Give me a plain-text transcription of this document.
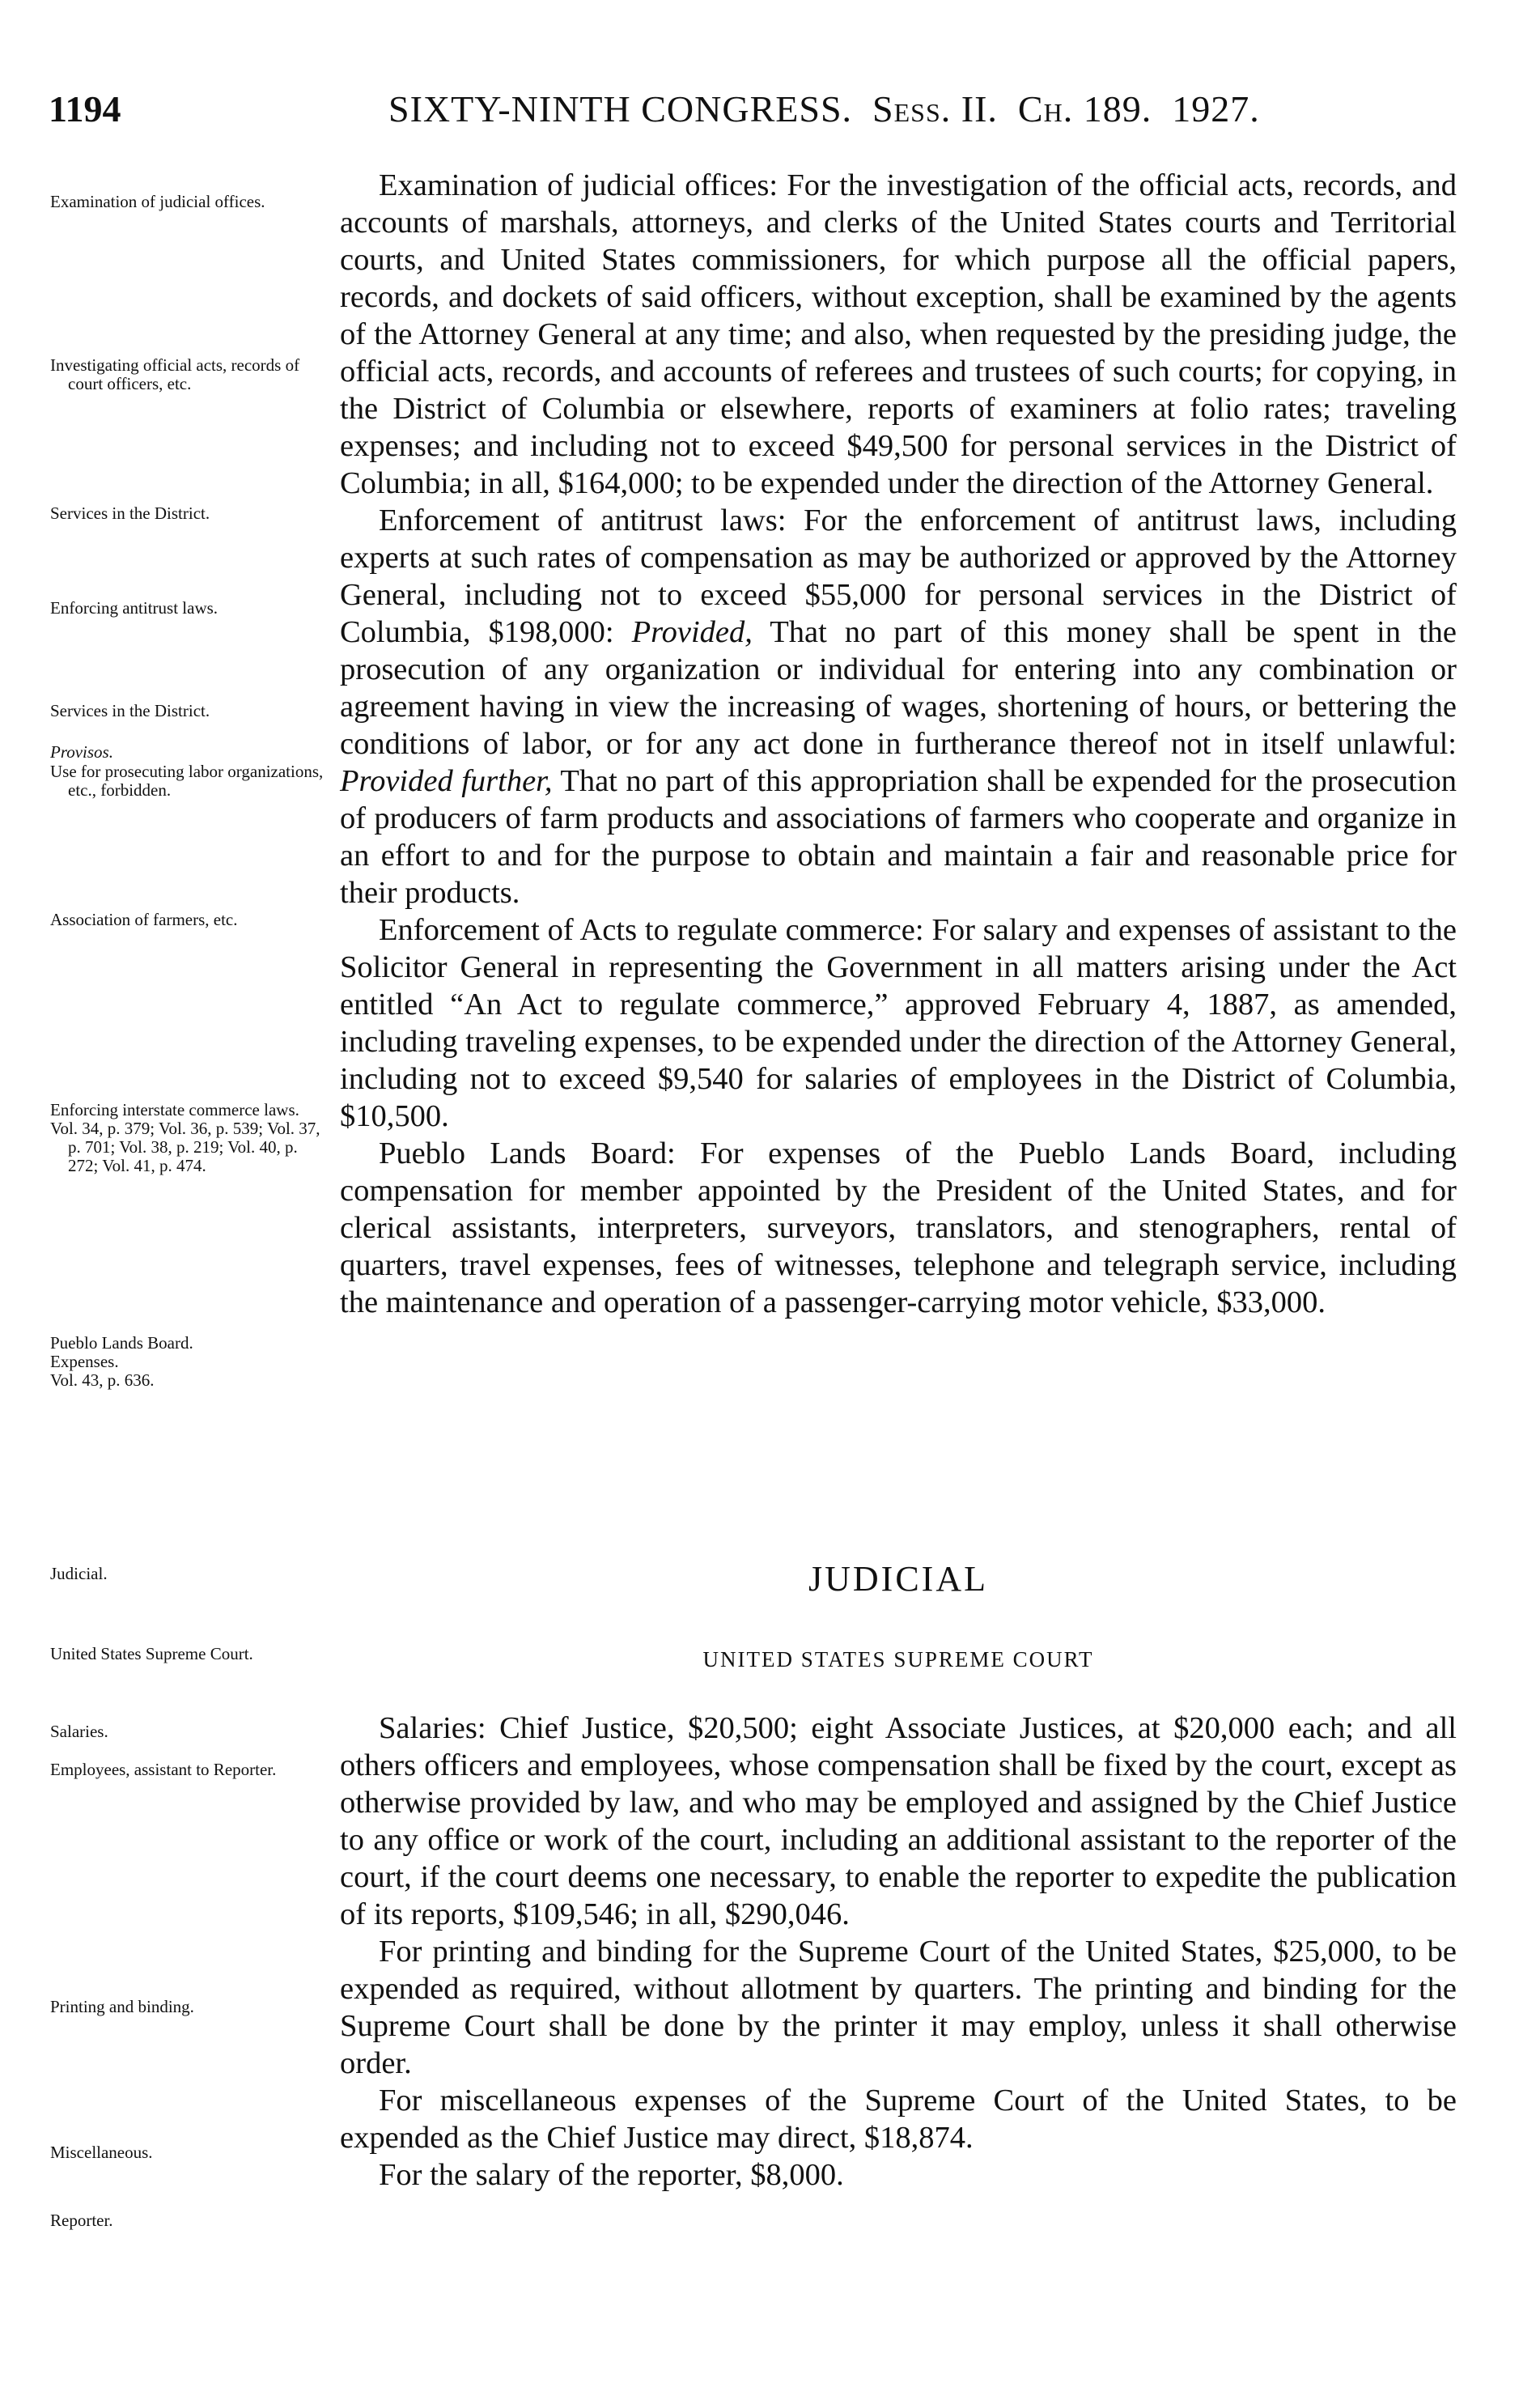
1194	SIXTY-NINTH CONGRESS. Sess. II. Ch. 189. 1927.

Examination of judicial offices.

Investigating official acts, records of court officers, etc.

Services in the District.

Enforcing antitrust laws.

Services in the District.

Provisos.

Use for prosecuting labor organizations, etc., forbidden.

Association of farmers, etc.

Enforcing interstate commerce laws.

Vol. 34, p. 379; Vol. 36, p. 539; Vol. 37, p. 701; Vol. 38, p. 219; Vol. 40, p. 272; Vol. 41, p. 474.

Pueblo Lands Board.

Expenses.

Vol. 43, p. 636.

Judicial.

United States Supreme Court.

Salaries.

Employees, assistant to Reporter.

Printing and binding.

Miscellaneous.

Reporter.

Examination of judicial offices: For the investigation of the official acts, records, and accounts of marshals, attorneys, and clerks of the United States courts and Territorial courts, and United States commissioners, for which purpose all the official papers, records, and dockets of said officers, without exception, shall be examined by the agents of the Attorney General at any time; and also, when requested by the presiding judge, the official acts, records, and accounts of referees and trustees of such courts; for copying, in the District of Columbia or elsewhere, reports of examiners at folio rates; traveling expenses; and including not to exceed $49,500 for personal services in the District of Columbia; in all, $164,000; to be expended under the direction of the Attorney General.

Enforcement of antitrust laws: For the enforcement of antitrust laws, including experts at such rates of compensation as may be authorized or approved by the Attorney General, including not to exceed $55,000 for personal services in the District of Columbia, $198,000: Provided, That no part of this money shall be spent in the prosecution of any organization or individual for entering into any combination or agreement having in view the increasing of wages, shortening of hours, or bettering the conditions of labor, or for any act done in furtherance thereof not in itself unlawful: Provided further, That no part of this appropriation shall be expended for the prosecution of producers of farm products and associations of farmers who cooperate and organize in an effort to and for the purpose to obtain and maintain a fair and reasonable price for their products.

Enforcement of Acts to regulate commerce: For salary and expenses of assistant to the Solicitor General in representing the Government in all matters arising under the Act entitled “An Act to regulate commerce,” approved February 4, 1887, as amended, including traveling expenses, to be expended under the direction of the Attorney General, including not to exceed $9,540 for salaries of employees in the District of Columbia, $10,500.

Pueblo Lands Board: For expenses of the Pueblo Lands Board, including compensation for member appointed by the President of the United States, and for clerical assistants, interpreters, surveyors, translators, and stenographers, rental of quarters, travel expenses, fees of witnesses, telephone and telegraph service, including the maintenance and operation of a passenger-carrying motor vehicle, $33,000.

JUDICIAL
UNITED STATES SUPREME COURT

Salaries: Chief Justice, $20,500; eight Associate Justices, at $20,000 each; and all others officers and employees, whose compensation shall be fixed by the court, except as otherwise provided by law, and who may be employed and assigned by the Chief Justice to any office or work of the court, including an additional assistant to the reporter of the court, if the court deems one necessary, to enable the reporter to expedite the publication of its reports, $109,546; in all, $290,046.

For printing and binding for the Supreme Court of the United States, $25,000, to be expended as required, without allotment by quarters. The printing and binding for the Supreme Court shall be done by the printer it may employ, unless it shall otherwise order.

For miscellaneous expenses of the Supreme Court of the United States, to be expended as the Chief Justice may direct, $18,874.

For the salary of the reporter, $8,000.
